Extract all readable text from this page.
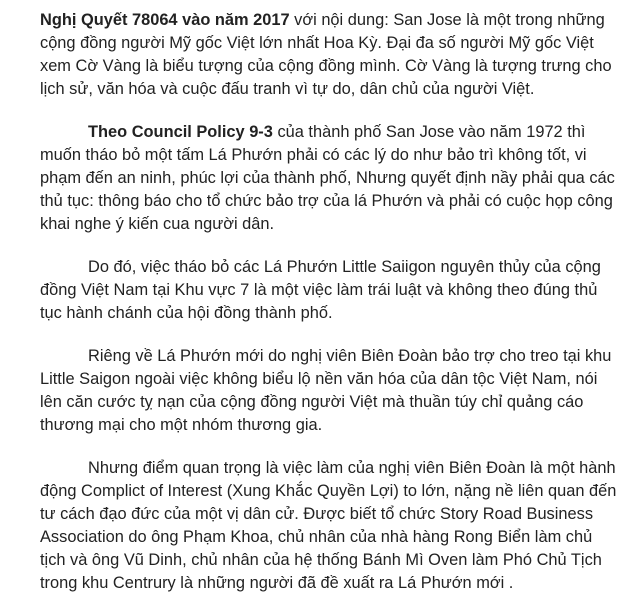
Nghị Quyết 78064 vào năm 2017 với nội dung: San Jose là một trong những
cộng đồng người Mỹ gốc Việt lớn nhất Hoa Kỳ. Đại đa số người Mỹ gốc Việt
xem Cờ Vàng là biểu tượng của cộng đồng mình. Cờ Vàng là tượng trưng cho
lịch sử, văn hóa và cuộc đấu tranh vì tự do, dân chủ của người Việt.

Theo Council Policy 9-3 của thành phố San Jose vào năm 1972 thì
muốn tháo bỏ một tấm Lá Phướn phải có các lý do như bảo trì không tốt, vi
phạm đến an ninh, phúc lợi của thành phố, Nhưng quyết định nầy phải qua các
thủ tục: thông báo cho tổ chức bảo trợ của lá Phướn và phải có cuộc họp công
khai nghe ý kiến cua người dân.

Do đó, việc tháo bỏ các Lá Phướn Little Saiigon nguyên thủy của cộng
đồng Việt Nam tại Khu vực 7 là một việc làm trái luật và không theo đúng thủ
tục hành chánh của hội đồng thành phố.

Riêng về Lá Phướn mới do nghị viên Biên Đoàn bảo trợ cho treo tại khu
Little Saigon ngoài việc không biểu lộ nền văn hóa của dân tộc Việt Nam, nói
lên căn cước tỵ nạn của cộng đồng người Việt mà thuần túy chỉ quảng cáo
thương mại cho một nhóm thương gia.

Nhưng điểm quan trọng là việc làm của nghị viên Biên Đoàn là một hành
động Complict of Interest (Xung Khắc Quyền Lợi) to lớn, nặng nề liên quan đến
tư cách đạo đức của một vị dân cử. Được biết tổ chức Story Road Business
Association do ông Phạm Khoa, chủ nhân của nhà hàng Rong Biển làm chủ
tịch và ông Vũ Dinh, chủ nhân của hệ thống Bánh Mì Oven làm Phó Chủ Tịch
trong khu Centrury là những người đã đề xuất ra Lá Phướn mới .
